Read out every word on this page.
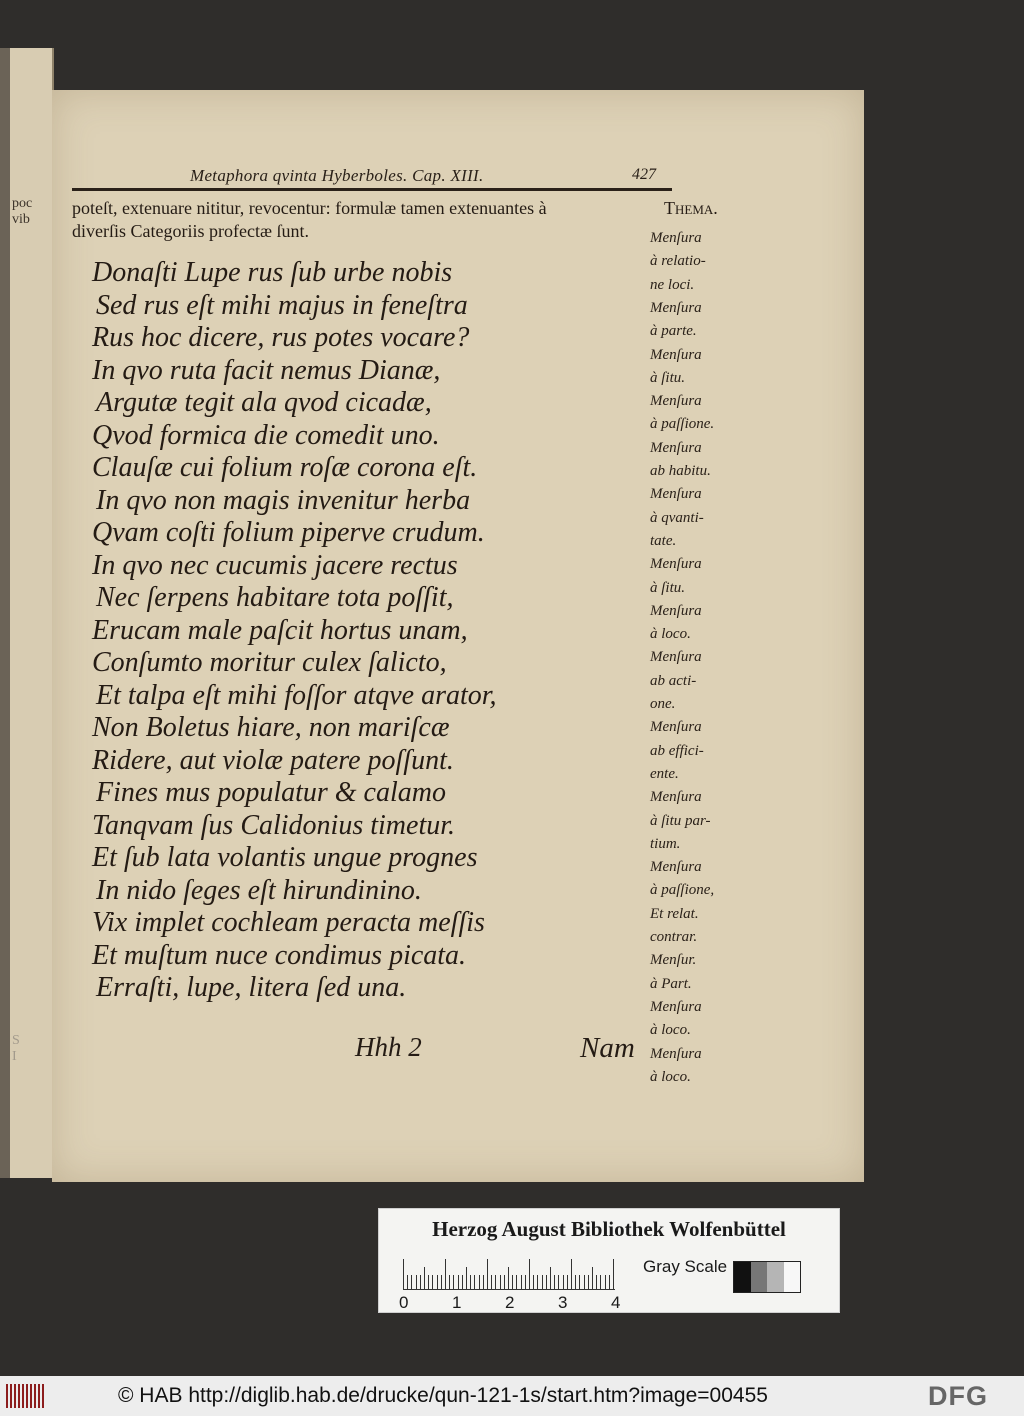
poc
vib
S
I
Metaphora qvinta Hyberboles. Cap. XIII.	427
poteſt, extenuare nititur, revocentur: formulæ tamen extenuantes à	Thema.
diverſis Categoriis profectæ ſunt.
Donaſti Lupe rus ſub urbe nobis
Sed rus eſt mihi majus in feneſtra
Rus hoc dicere, rus potes vocare?
In qvo ruta facit nemus Dianæ,
Argutæ tegit ala qvod cicadæ,
Qvod formica die comedit uno.
Clauſæ cui folium roſæ corona eſt.
In qvo non magis invenitur herba
Qvam coſti folium piperve crudum.
In qvo nec cucumis jacere rectus
Nec ſerpens habitare tota poſſit,
Erucam male paſcit hortus unam,
Conſumto moritur culex ſalicto,
Et talpa eſt mihi foſſor atqve arator,
Non Boletus hiare, non mariſcæ
Ridere, aut violæ patere poſſunt.
Fines mus populatur & calamo
Tanqvam ſus Calidonius timetur.
Et ſub lata volantis ungue prognes
In nido ſeges eſt hirundinino.
Vix implet cochleam peracta meſſis
Et muſtum nuce condimus picata.
Erraſti, lupe, litera ſed una.
Menſura
à relatio-
ne loci.
Menſura
à parte.
Menſura
à ſitu.
Menſura
à paſſione.
Menſura
ab habitu.
Menſura
à qvanti-
tate.
Menſura
à ſitu.
Menſura
à loco.
Menſura
ab acti-
one.
Menſura
ab effici-
ente.
Menſura
à ſitu par-
tium.
Menſura
à paſſione,
Et relat.
contrar.
Menſur.
à Part.
Menſura
à loco.
Menſura
à loco.
Hhh 2	Nam
Herzog August Bibliothek Wolfenbüttel
Gray Scale
0	1	2	3	4
© HAB http://diglib.hab.de/drucke/qun-121-1s/start.htm?image=00455	DFG
